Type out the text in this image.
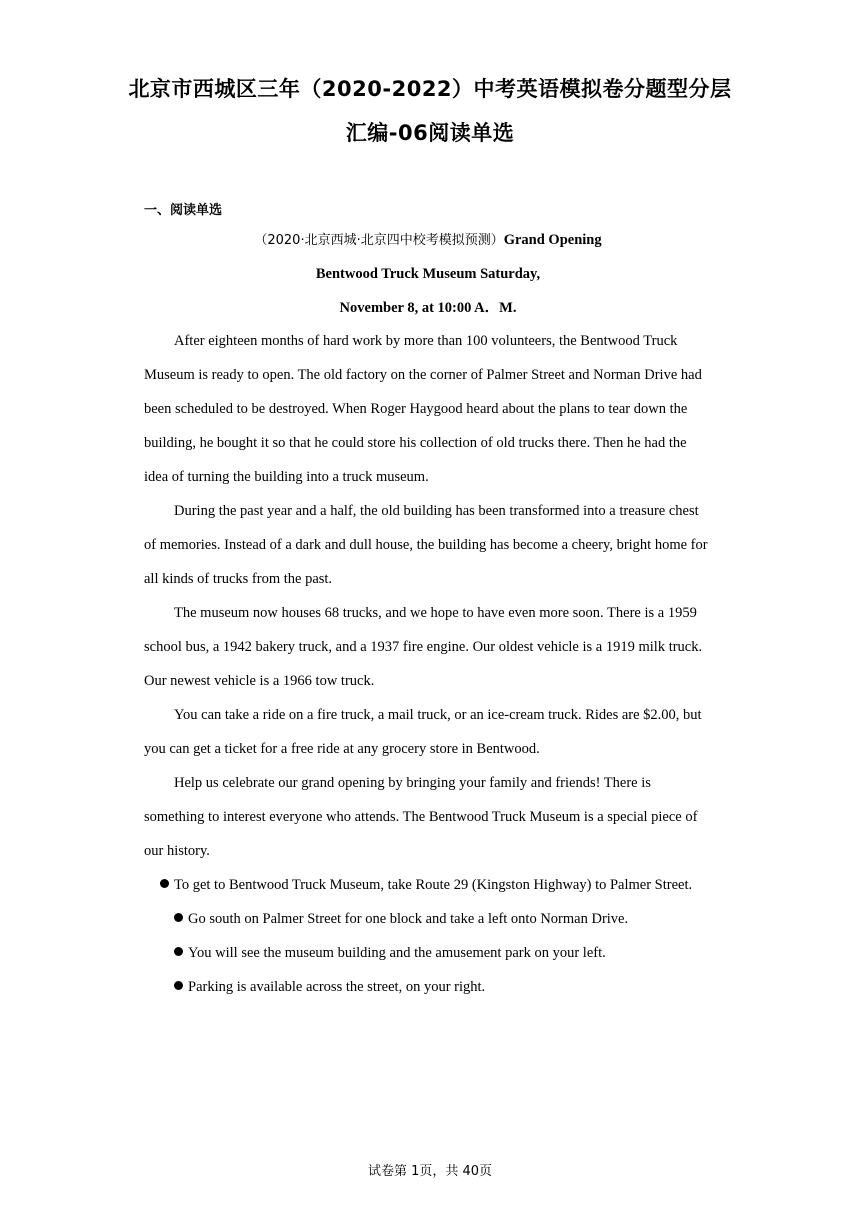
北京市西城区三年（2020-2022）中考英语模拟卷分题型分层
汇编-06阅读单选
一、阅读单选
（2020·北京西城·北京四中校考模拟预测）Grand Opening
Bentwood Truck Museum Saturday,
November 8, at 10:00 A．M.

After eighteen months of hard work by more than 100 volunteers, the Bentwood Truck Museum is ready to open. The old factory on the corner of Palmer Street and Norman Drive had been scheduled to be destroyed. When Roger Haygood heard about the plans to tear down the building, he bought it so that he could store his collection of old trucks there. Then he had the idea of turning the building into a truck museum.

During the past year and a half, the old building has been transformed into a treasure chest of memories. Instead of a dark and dull house, the building has become a cheery, bright home for all kinds of trucks from the past.

The museum now houses 68 trucks, and we hope to have even more soon. There is a 1959 school bus, a 1942 bakery truck, and a 1937 fire engine. Our oldest vehicle is a 1919 milk truck. Our newest vehicle is a 1966 tow truck.

You can take a ride on a fire truck, a mail truck, or an ice-cream truck. Rides are $2.00, but you can get a ticket for a free ride at any grocery store in Bentwood.

Help us celebrate our grand opening by bringing your family and friends! There is something to interest everyone who attends. The Bentwood Truck Museum is a special piece of our history.

To get to Bentwood Truck Museum, take Route 29 (Kingston Highway) to Palmer Street.
Go south on Palmer Street for one block and take a left onto Norman Drive.
You will see the museum building and the amusement park on your left.
Parking is available across the street, on your right.
试卷第 1页，共 40页
